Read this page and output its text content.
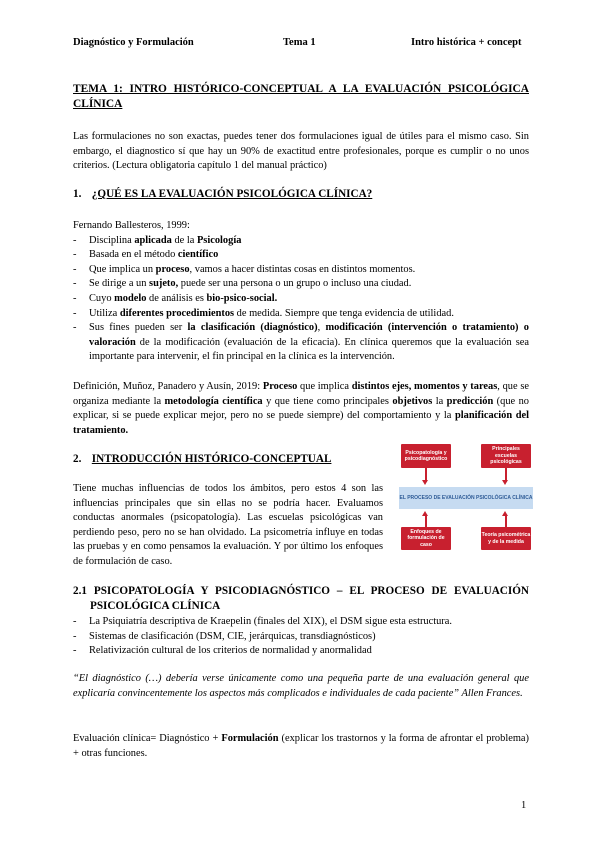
Diagnóstico y Formulación	Tema 1	Intro histórica + concept
TEMA 1: INTRO HISTÓRICO-CONCEPTUAL A LA EVALUACIÓN PSICOLÓGICA
CLÍNICA
Las formulaciones no son exactas, puedes tener dos formulaciones igual de útiles para el mismo caso. Sin embargo, el diagnostico sí que hay un 90% de exactitud entre profesionales, porque es cumplir o no unos criterios. (Lectura obligatoria capítulo 1 del manual práctico)
1. ¿QUÉ ES LA EVALUACIÓN PSICOLÓGICA CLÍNICA?
Fernando Ballesteros, 1999:
- Disciplina aplicada de la Psicología
- Basada en el método científico
- Que implica un proceso, vamos a hacer distintas cosas en distintos momentos.
- Se dirige a un sujeto, puede ser una persona o un grupo o incluso una ciudad.
- Cuyo modelo de análisis es bio-psico-social.
- Utiliza diferentes procedimientos de medida. Siempre que tenga evidencia de utilidad.
- Sus fines pueden ser la clasificación (diagnóstico), modificación (intervención o tratamiento) o valoración de la modificación (evaluación de la eficacia). En clínica queremos que la evaluación sea importante para intervenir, el fin principal en la clínica es la intervención.
Definición, Muñoz, Panadero y Ausín, 2019: Proceso que implica distintos ejes, momentos y tareas, que se organiza mediante la metodología científica y que tiene como principales objetivos la predicción (que no explicar, si se puede explicar mejor, pero no se puede siempre) del comportamiento y la planificación del tratamiento.
2. INTRODUCCIÓN HISTÓRICO-CONCEPTUAL
Tiene muchas influencias de todos los ámbitos, pero estos 4 son las influencias principales que sin ellas no se podría hacer. Evaluamos conductas anormales (psicopatología). Las escuelas psicológicas van perdiendo peso, pero no se han olvidado. La psicometría influye en todas las pruebas y en como pensamos la evaluación. Y por último los enfoques de formulación de caso.
Psicopatología y psicodiagnóstico
Principales escuelas psicológicas
EL PROCESO DE EVALUACIÓN PSICOLÓGICA CLÍNICA
Enfoques de formulación de caso
Teoría psicométrica y de la medida
2.1 PSICOPATOLOGÍA Y PSICODIAGNÓSTICO – EL PROCESO DE EVALUACIÓN
PSICOLÓGICA CLÍNICA
- La Psiquiatría descriptiva de Kraepelin (finales del XIX), el DSM sigue esta estructura.
- Sistemas de clasificación (DSM, CIE, jerárquicas, transdiagnósticos)
- Relativización cultural de los criterios de normalidad y anormalidad
“El diagnóstico (…) debería verse únicamente como una pequeña parte de una evaluación general que explicaría convincentemente los aspectos más complicados e individuales de cada paciente” Allen Frances.
Evaluación clínica= Diagnóstico + Formulación (explicar los trastornos y la forma de afrontar el problema) + otras funciones.
1
